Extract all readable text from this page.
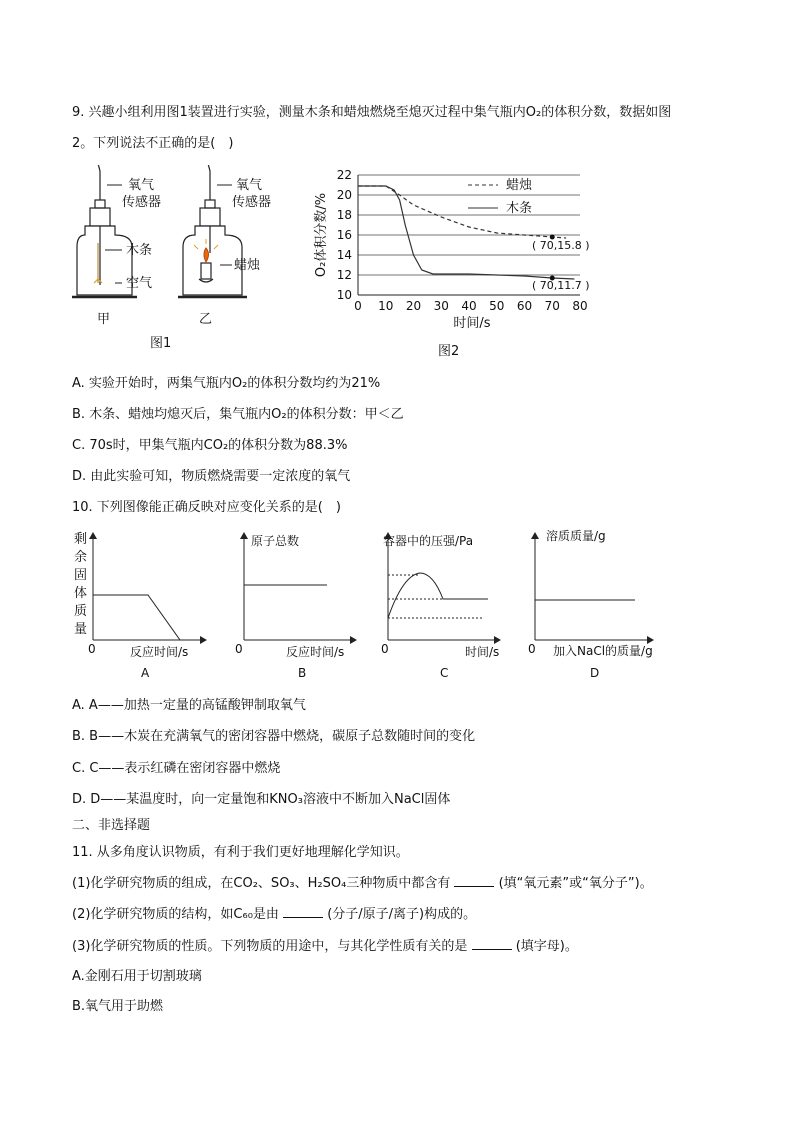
9. 兴趣小组利用图1装置进行实验，测量木条和蜡烛燃烧至熄灭过程中集气瓶内O₂的体积分数，数据如图
2。下列说法不正确的是(　)
氧气
传感器
木条
空气
甲
氧气
传感器
蜡烛
乙
图1
10
12
14
16
18
20
22
0 10 20 30 40 50 60 70 80
O₂体积分数/%
时间/s
蜡烛
木条
( 70,15.8 )
( 70,11.7 )
图2
A. 实验开始时，两集气瓶内O₂的体积分数均约为21%
B. 木条、蜡烛均熄灭后，集气瓶内O₂的体积分数：甲＜乙
C. 70s时，甲集气瓶内CO₂的体积分数为88.3%
D. 由此实验可知，物质燃烧需要一定浓度的氧气
10. 下列图像能正确反映对应变化关系的是(　)
剩
余
固
体
质
量
0	反应时间/s
A
原子总数
0	反应时间/s
B
容器中的压强/Pa
0	时间/s
C
溶质质量/g
0 加入NaCl的质量/g
D
A. A——加热一定量的高锰酸钾制取氧气
B. B——木炭在充满氧气的密闭容器中燃烧，碳原子总数随时间的变化
C. C——表示红磷在密闭容器中燃烧
D. D——某温度时，向一定量饱和KNO₃溶液中不断加入NaCl固体
二、非选择题
11. 从多角度认识物质，有利于我们更好地理解化学知识。
(1)化学研究物质的组成，在CO₂、SO₃、H₂SO₄三种物质中都含有	(填“氧元素”或“氧分子”)。
(2)化学研究物质的结构，如C₆₀是由	(分子/原子/离子)构成的。
(3)化学研究物质的性质。下列物质的用途中，与其化学性质有关的是	(填字母)。
A.金刚石用于切割玻璃
B.氧气用于助燃
